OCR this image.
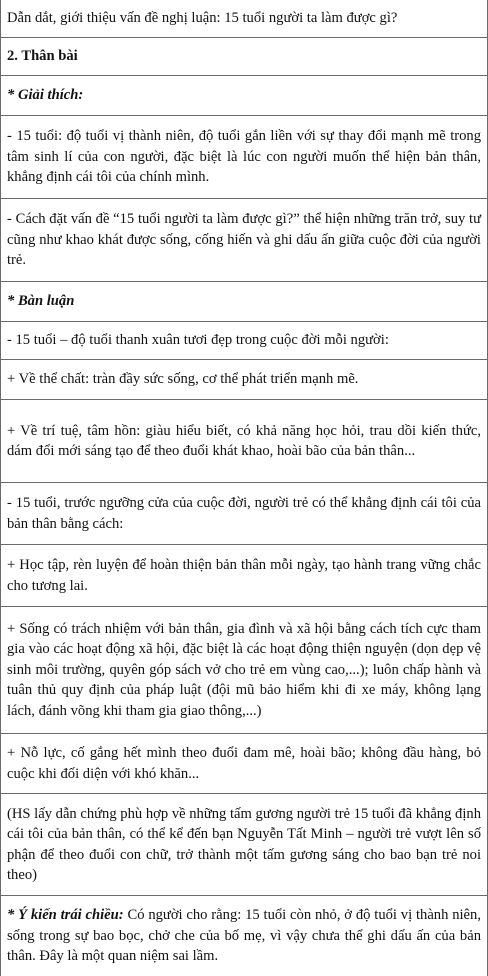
Dẫn dắt, giới thiệu vấn đề nghị luận: 15 tuổi người ta làm được gì?

2. Thân bài

* Giải thích:

- 15 tuổi: độ tuổi vị thành niên, độ tuổi gắn liền với sự thay đổi mạnh mẽ trong tâm sinh lí của con người, đặc biệt là lúc con người muốn thể hiện bản thân, khẳng định cái tôi của chính mình.

- Cách đặt vấn đề “15 tuổi người ta làm được gì?” thể hiện những trăn trở, suy tư cũng như khao khát được sống, cống hiến và ghi dấu ấn giữa cuộc đời của người trẻ.

* Bàn luận

- 15 tuổi – độ tuổi thanh xuân tươi đẹp trong cuộc đời mỗi người:

+ Về thể chất: tràn đầy sức sống, cơ thể phát triển mạnh mẽ.

+ Về trí tuệ, tâm hồn: giàu hiểu biết, có khả năng học hỏi, trau dồi kiến thức, dám đổi mới sáng tạo để theo đuổi khát khao, hoài bão của bản thân...

- 15 tuổi, trước ngưỡng cửa của cuộc đời, người trẻ có thể khẳng định cái tôi của bản thân bằng cách:

+ Học tập, rèn luyện để hoàn thiện bản thân mỗi ngày, tạo hành trang vững chắc cho tương lai.

+ Sống có trách nhiệm với bản thân, gia đình và xã hội bằng cách tích cực tham gia vào các hoạt động xã hội, đặc biệt là các hoạt động thiện nguyện (dọn dẹp vệ sinh môi trường, quyên góp sách vở cho trẻ em vùng cao,...); luôn chấp hành và tuân thủ quy định của pháp luật (đội mũ bảo hiểm khi đi xe máy, không lạng lách, đánh võng khi tham gia giao thông,...)

+ Nỗ lực, cố gắng hết mình theo đuổi đam mê, hoài bão; không đầu hàng, bỏ cuộc khi đối diện với khó khăn...

(HS lấy dẫn chứng phù hợp về những tấm gương người trẻ 15 tuổi đã khẳng định cái tôi của bản thân, có thể kể đến bạn Nguyễn Tất Minh – người trẻ vượt lên số phận để theo đuổi con chữ, trở thành một tấm gương sáng cho bao bạn trẻ noi theo)

* Ý kiến trái chiều: Có người cho rằng: 15 tuổi còn nhỏ, ở độ tuổi vị thành niên, sống trong sự bao bọc, chở che của bố mẹ, vì vậy chưa thể ghi dấu ấn của bản thân. Đây là một quan niệm sai lầm.
